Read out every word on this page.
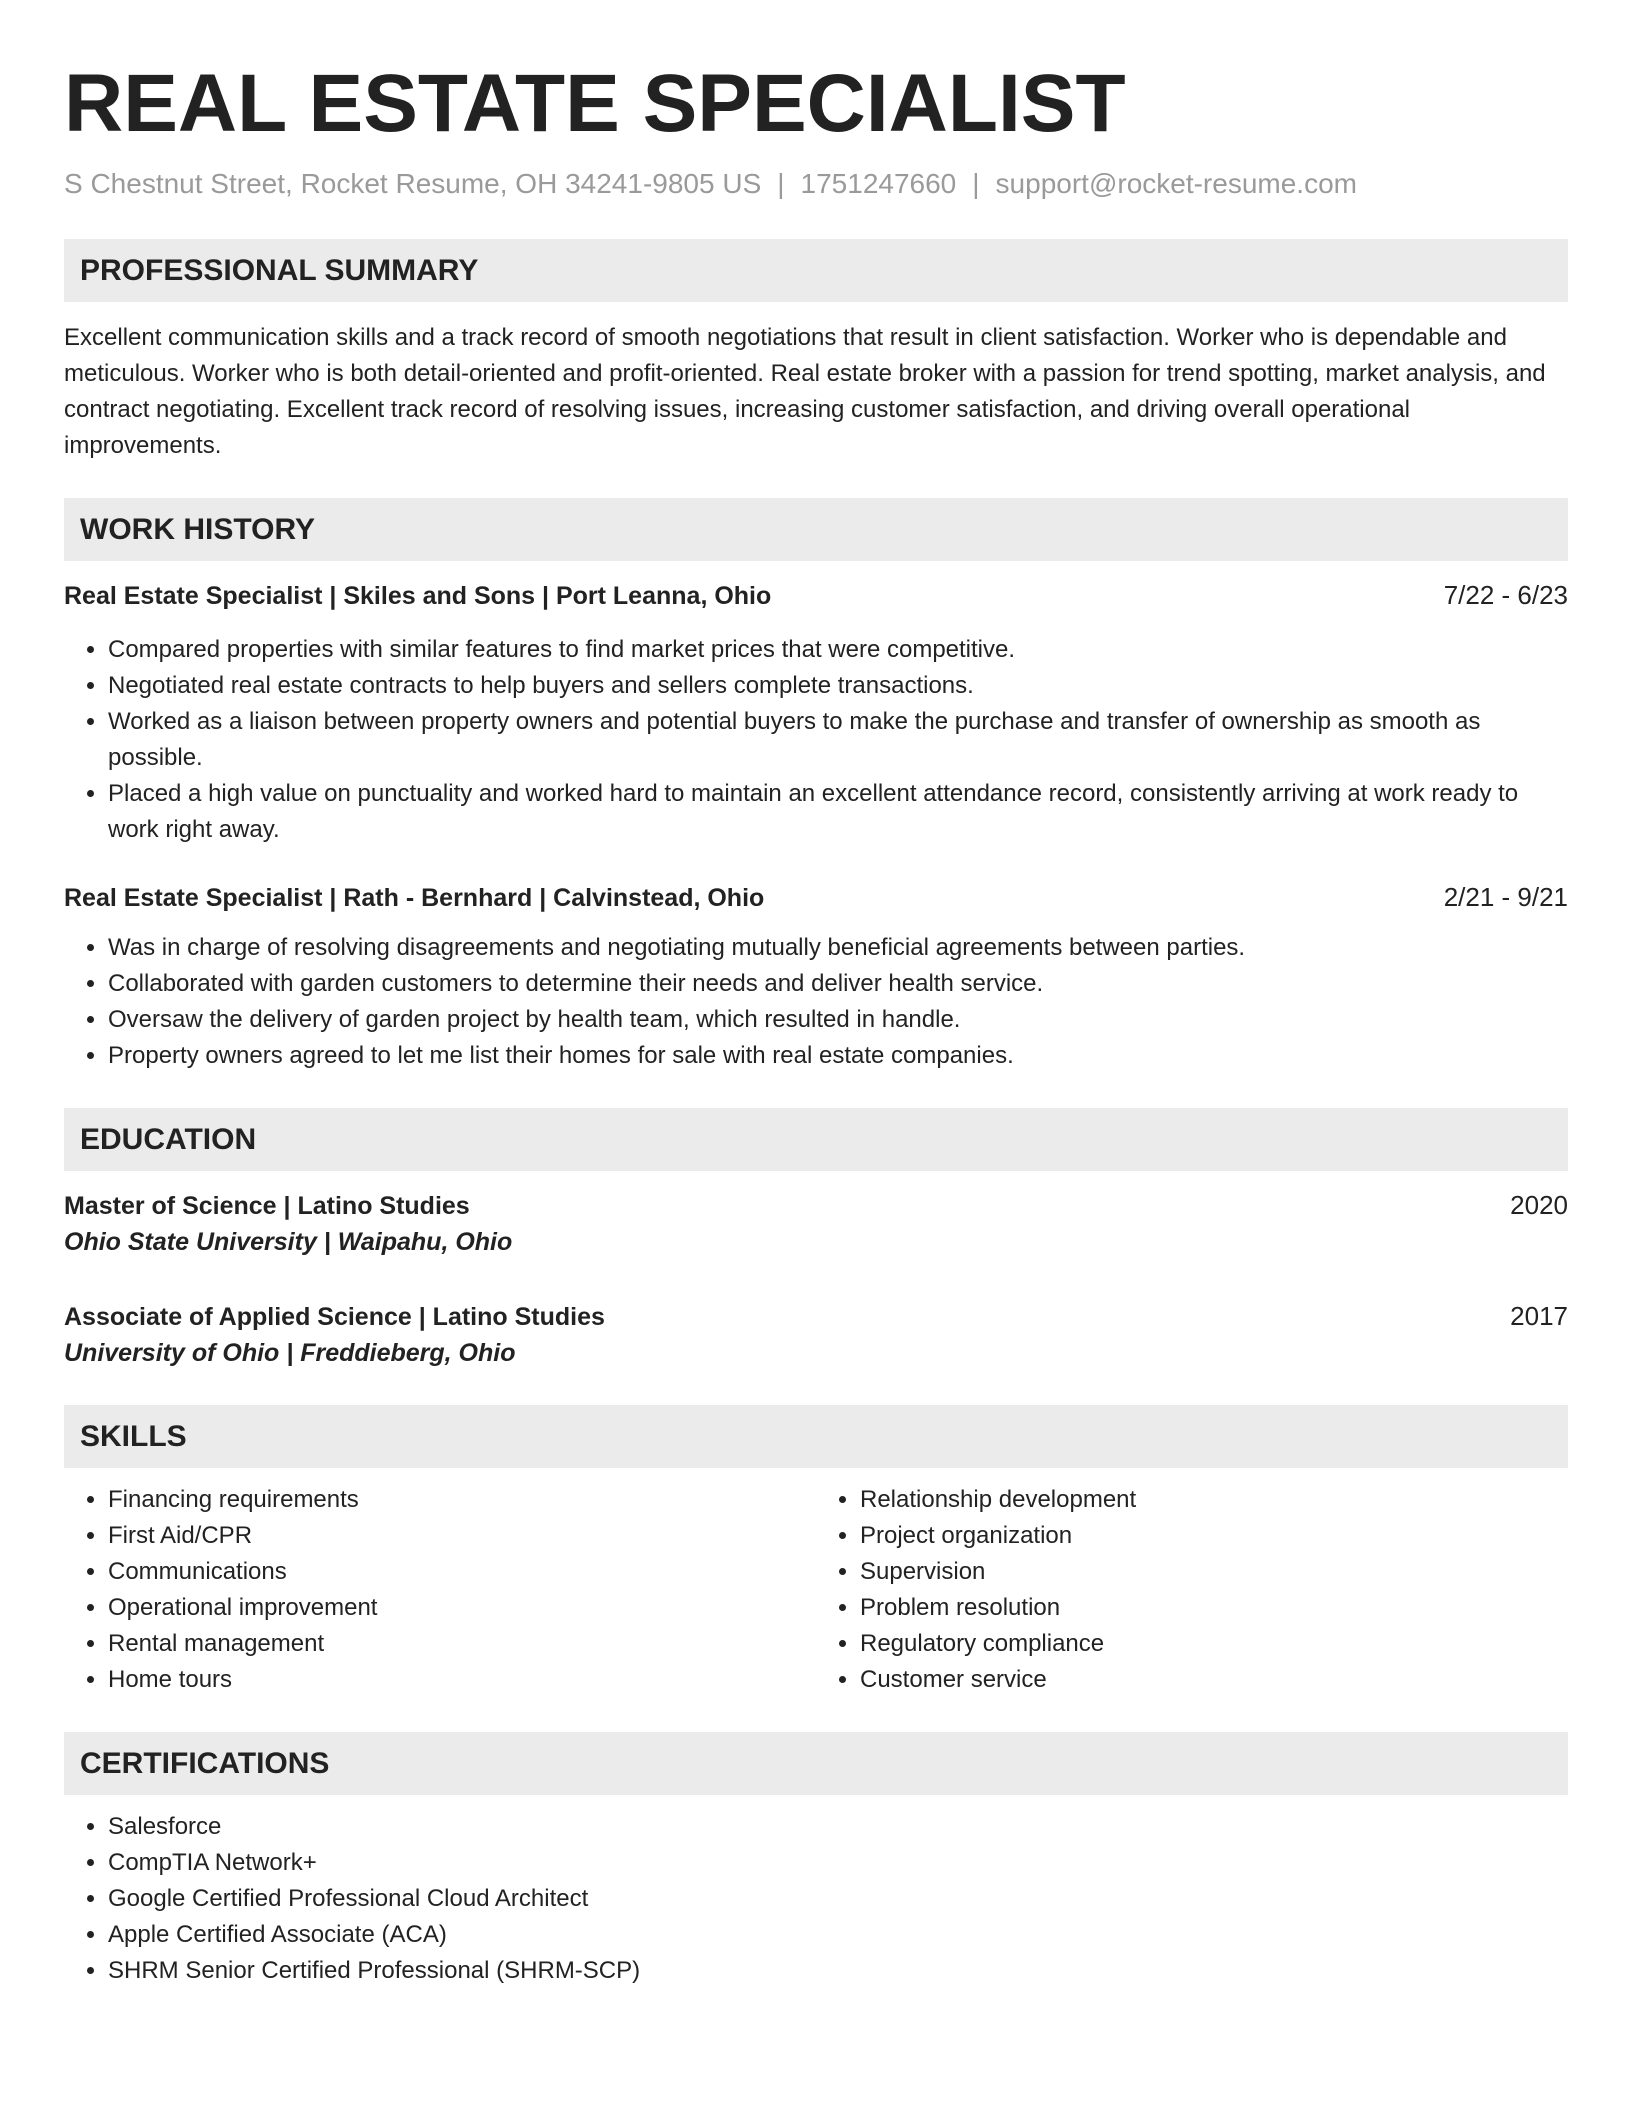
REAL ESTATE SPECIALIST
S Chestnut Street, Rocket Resume, OH 34241-9805 US | 1751247660 | support@rocket-resume.com
PROFESSIONAL SUMMARY
Excellent communication skills and a track record of smooth negotiations that result in client satisfaction. Worker who is dependable and meticulous. Worker who is both detail-oriented and profit-oriented. Real estate broker with a passion for trend spotting, market analysis, and contract negotiating. Excellent track record of resolving issues, increasing customer satisfaction, and driving overall operational improvements.
WORK HISTORY
Real Estate Specialist | Skiles and Sons | Port Leanna, Ohio	7/22 - 6/23
• Compared properties with similar features to find market prices that were competitive.
• Negotiated real estate contracts to help buyers and sellers complete transactions.
• Worked as a liaison between property owners and potential buyers to make the purchase and transfer of ownership as smooth as possible.
• Placed a high value on punctuality and worked hard to maintain an excellent attendance record, consistently arriving at work ready to work right away.
Real Estate Specialist | Rath - Bernhard | Calvinstead, Ohio	2/21 - 9/21
• Was in charge of resolving disagreements and negotiating mutually beneficial agreements between parties.
• Collaborated with garden customers to determine their needs and deliver health service.
• Oversaw the delivery of garden project by health team, which resulted in handle.
• Property owners agreed to let me list their homes for sale with real estate companies.
EDUCATION
Master of Science | Latino Studies	2020
Ohio State University | Waipahu, Ohio
Associate of Applied Science | Latino Studies	2017
University of Ohio | Freddieberg, Ohio
SKILLS
• Financing requirements
• First Aid/CPR
• Communications
• Operational improvement
• Rental management
• Home tours
• Relationship development
• Project organization
• Supervision
• Problem resolution
• Regulatory compliance
• Customer service
CERTIFICATIONS
• Salesforce
• CompTIA Network+
• Google Certified Professional Cloud Architect
• Apple Certified Associate (ACA)
• SHRM Senior Certified Professional (SHRM-SCP)
